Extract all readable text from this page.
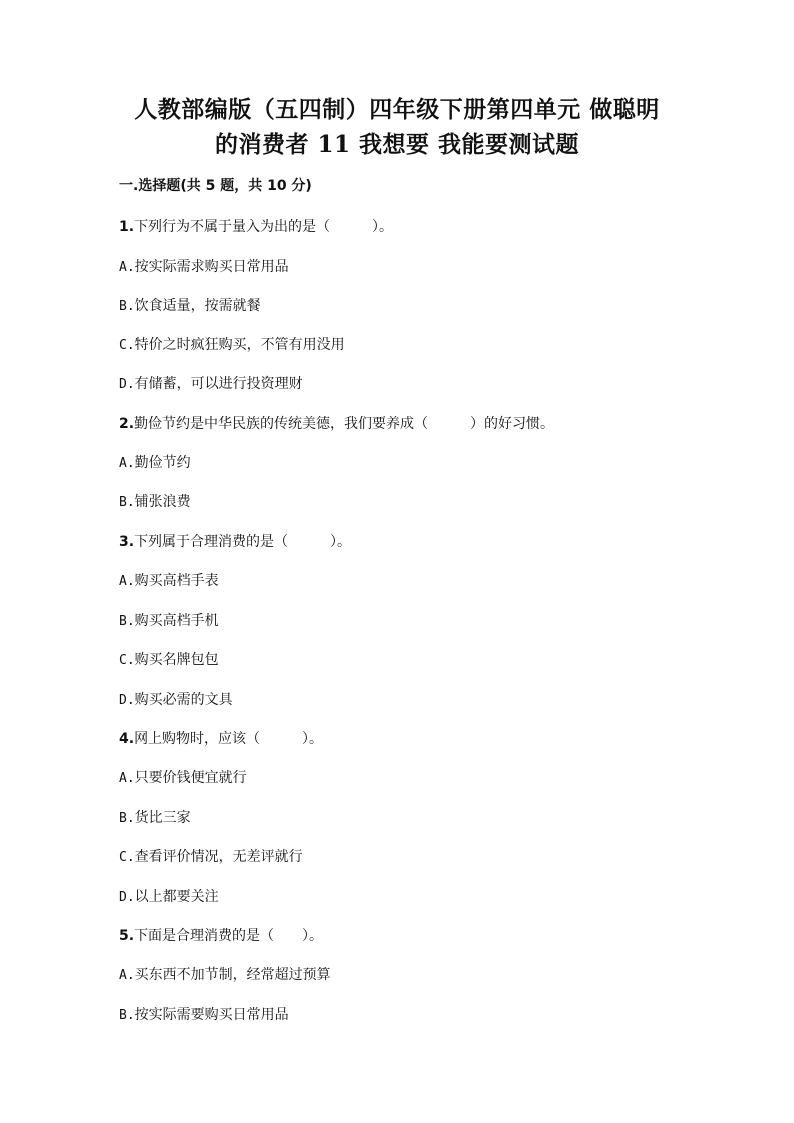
人教部编版（五四制）四年级下册第四单元 做聪明
的消费者 11 我想要 我能要测试题
一.选择题(共 5 题，共 10 分)
1.下列行为不属于量入为出的是（　　　）。
A.按实际需求购买日常用品
B.饮食适量，按需就餐
C.特价之时疯狂购买，不管有用没用
D.有储蓄，可以进行投资理财
2.勤俭节约是中华民族的传统美德，我们要养成（　　　）的好习惯。
A.勤俭节约
B.铺张浪费
3.下列属于合理消费的是（　　　）。
A.购买高档手表
B.购买高档手机
C.购买名牌包包
D.购买必需的文具
4.网上购物时，应该（　　　）。
A.只要价钱便宜就行
B.货比三家
C.查看评价情况，无差评就行
D.以上都要关注
5.下面是合理消费的是（　　）。
A.买东西不加节制，经常超过预算
B.按实际需要购买日常用品
